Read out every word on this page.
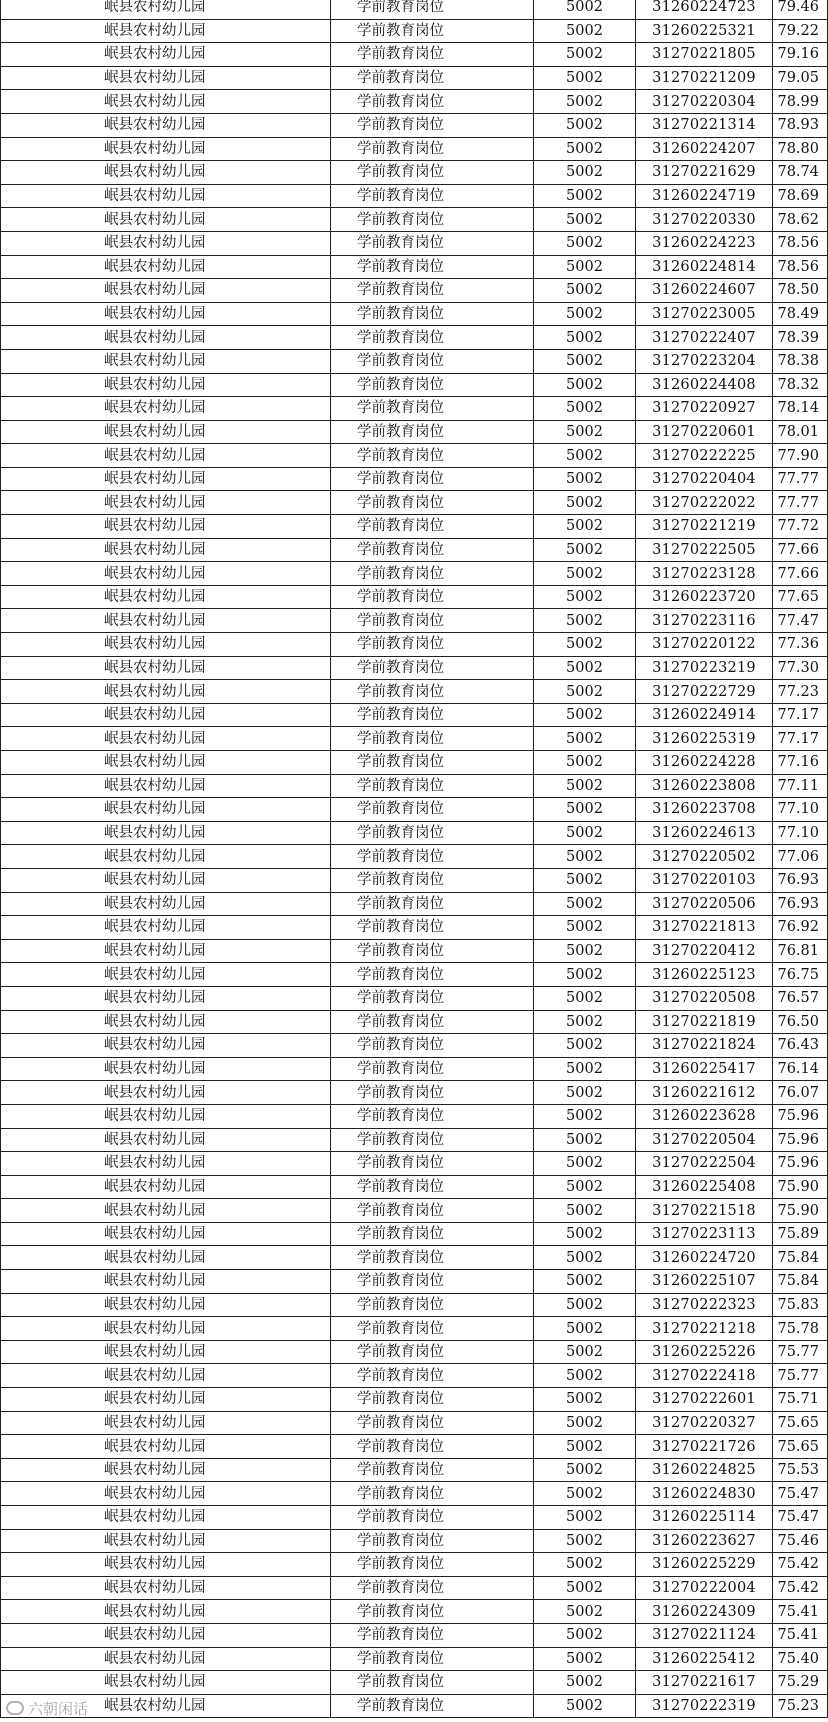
岷县农村幼儿园	学前教育岗位	5002	31260224723	79.46
岷县农村幼儿园	学前教育岗位	5002	31260225321	79.22
岷县农村幼儿园	学前教育岗位	5002	31270221805	79.16
岷县农村幼儿园	学前教育岗位	5002	31270221209	79.05
岷县农村幼儿园	学前教育岗位	5002	31270220304	78.99
岷县农村幼儿园	学前教育岗位	5002	31270221314	78.93
岷县农村幼儿园	学前教育岗位	5002	31260224207	78.80
岷县农村幼儿园	学前教育岗位	5002	31270221629	78.74
岷县农村幼儿园	学前教育岗位	5002	31260224719	78.69
岷县农村幼儿园	学前教育岗位	5002	31270220330	78.62
岷县农村幼儿园	学前教育岗位	5002	31260224223	78.56
岷县农村幼儿园	学前教育岗位	5002	31260224814	78.56
岷县农村幼儿园	学前教育岗位	5002	31260224607	78.50
岷县农村幼儿园	学前教育岗位	5002	31270223005	78.49
岷县农村幼儿园	学前教育岗位	5002	31270222407	78.39
岷县农村幼儿园	学前教育岗位	5002	31270223204	78.38
岷县农村幼儿园	学前教育岗位	5002	31260224408	78.32
岷县农村幼儿园	学前教育岗位	5002	31270220927	78.14
岷县农村幼儿园	学前教育岗位	5002	31270220601	78.01
岷县农村幼儿园	学前教育岗位	5002	31270222225	77.90
岷县农村幼儿园	学前教育岗位	5002	31270220404	77.77
岷县农村幼儿园	学前教育岗位	5002	31270222022	77.77
岷县农村幼儿园	学前教育岗位	5002	31270221219	77.72
岷县农村幼儿园	学前教育岗位	5002	31270222505	77.66
岷县农村幼儿园	学前教育岗位	5002	31270223128	77.66
岷县农村幼儿园	学前教育岗位	5002	31260223720	77.65
岷县农村幼儿园	学前教育岗位	5002	31270223116	77.47
岷县农村幼儿园	学前教育岗位	5002	31270220122	77.36
岷县农村幼儿园	学前教育岗位	5002	31270223219	77.30
岷县农村幼儿园	学前教育岗位	5002	31270222729	77.23
岷县农村幼儿园	学前教育岗位	5002	31260224914	77.17
岷县农村幼儿园	学前教育岗位	5002	31260225319	77.17
岷县农村幼儿园	学前教育岗位	5002	31260224228	77.16
岷县农村幼儿园	学前教育岗位	5002	31260223808	77.11
岷县农村幼儿园	学前教育岗位	5002	31260223708	77.10
岷县农村幼儿园	学前教育岗位	5002	31260224613	77.10
岷县农村幼儿园	学前教育岗位	5002	31270220502	77.06
岷县农村幼儿园	学前教育岗位	5002	31270220103	76.93
岷县农村幼儿园	学前教育岗位	5002	31270220506	76.93
岷县农村幼儿园	学前教育岗位	5002	31270221813	76.92
岷县农村幼儿园	学前教育岗位	5002	31270220412	76.81
岷县农村幼儿园	学前教育岗位	5002	31260225123	76.75
岷县农村幼儿园	学前教育岗位	5002	31270220508	76.57
岷县农村幼儿园	学前教育岗位	5002	31270221819	76.50
岷县农村幼儿园	学前教育岗位	5002	31270221824	76.43
岷县农村幼儿园	学前教育岗位	5002	31260225417	76.14
岷县农村幼儿园	学前教育岗位	5002	31260221612	76.07
岷县农村幼儿园	学前教育岗位	5002	31260223628	75.96
岷县农村幼儿园	学前教育岗位	5002	31270220504	75.96
岷县农村幼儿园	学前教育岗位	5002	31270222504	75.96
岷县农村幼儿园	学前教育岗位	5002	31260225408	75.90
岷县农村幼儿园	学前教育岗位	5002	31270221518	75.90
岷县农村幼儿园	学前教育岗位	5002	31270223113	75.89
岷县农村幼儿园	学前教育岗位	5002	31260224720	75.84
岷县农村幼儿园	学前教育岗位	5002	31260225107	75.84
岷县农村幼儿园	学前教育岗位	5002	31270222323	75.83
岷县农村幼儿园	学前教育岗位	5002	31270221218	75.78
岷县农村幼儿园	学前教育岗位	5002	31260225226	75.77
岷县农村幼儿园	学前教育岗位	5002	31270222418	75.77
岷县农村幼儿园	学前教育岗位	5002	31270222601	75.71
岷县农村幼儿园	学前教育岗位	5002	31270220327	75.65
岷县农村幼儿园	学前教育岗位	5002	31270221726	75.65
岷县农村幼儿园	学前教育岗位	5002	31260224825	75.53
岷县农村幼儿园	学前教育岗位	5002	31260224830	75.47
岷县农村幼儿园	学前教育岗位	5002	31260225114	75.47
岷县农村幼儿园	学前教育岗位	5002	31260223627	75.46
岷县农村幼儿园	学前教育岗位	5002	31260225229	75.42
岷县农村幼儿园	学前教育岗位	5002	31270222004	75.42
岷县农村幼儿园	学前教育岗位	5002	31260224309	75.41
岷县农村幼儿园	学前教育岗位	5002	31270221124	75.41
岷县农村幼儿园	学前教育岗位	5002	31260225412	75.40
岷县农村幼儿园	学前教育岗位	5002	31270221617	75.29
岷县农村幼儿园	学前教育岗位	5002	31270222319	75.23
六朝闲话
